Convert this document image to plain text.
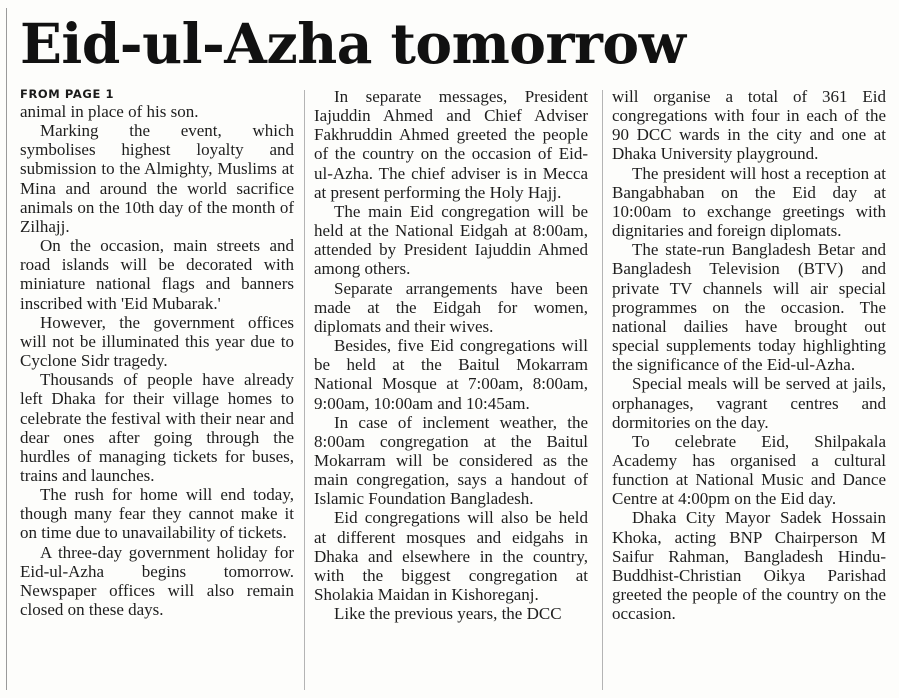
Eid-ul-Azha tomorrow
FROM PAGE 1

animal in place of his son.

Marking the event, which symbolises highest loyalty and submission to the Almighty, Muslims at Mina and around the world sacrifice animals on the 10th day of the month of Zilhajj.

On the occasion, main streets and road islands will be decorated with miniature national flags and banners inscribed with 'Eid Mubarak.'

However, the government offices will not be illuminated this year due to Cyclone Sidr tragedy.

Thousands of people have already left Dhaka for their village homes to celebrate the festival with their near and dear ones after going through the hurdles of managing tickets for buses, trains and launches.

The rush for home will end today, though many fear they cannot make it on time due to unavailability of tickets.

A three-day government holiday for Eid-ul-Azha begins tomorrow. Newspaper offices will also remain closed on these days.

In separate messages, President Iajuddin Ahmed and Chief Adviser Fakhruddin Ahmed greeted the people of the country on the occasion of Eid-ul-Azha. The chief adviser is in Mecca at present performing the Holy Hajj.

The main Eid congregation will be held at the National Eidgah at 8:00am, attended by President Iajuddin Ahmed among others.

Separate arrangements have been made at the Eidgah for women, diplomats and their wives.

Besides, five Eid congregations will be held at the Baitul Mokarram National Mosque at 7:00am, 8:00am, 9:00am, 10:00am and 10:45am.

In case of inclement weather, the 8:00am congregation at the Baitul Mokarram will be considered as the main congregation, says a handout of Islamic Foundation Bangladesh.

Eid congregations will also be held at different mosques and eidgahs in Dhaka and elsewhere in the country, with the biggest congregation at Sholakia Maidan in Kishoreganj.

Like the previous years, the DCC

will organise a total of 361 Eid congregations with four in each of the 90 DCC wards in the city and one at Dhaka University playground.

The president will host a reception at Bangabhaban on the Eid day at 10:00am to exchange greetings with dignitaries and foreign diplomats.

The state-run Bangladesh Betar and Bangladesh Television (BTV) and private TV channels will air special programmes on the occasion. The national dailies have brought out special supplements today highlighting the significance of the Eid-ul-Azha.

Special meals will be served at jails, orphanages, vagrant centres and dormitories on the day.

To celebrate Eid, Shilpakala Academy has organised a cultural function at National Music and Dance Centre at 4:00pm on the Eid day.

Dhaka City Mayor Sadek Hossain Khoka, acting BNP Chairperson M Saifur Rahman, Bangladesh Hindu-Buddhist-Christian Oikya Parishad greeted the people of the country on the occasion.
